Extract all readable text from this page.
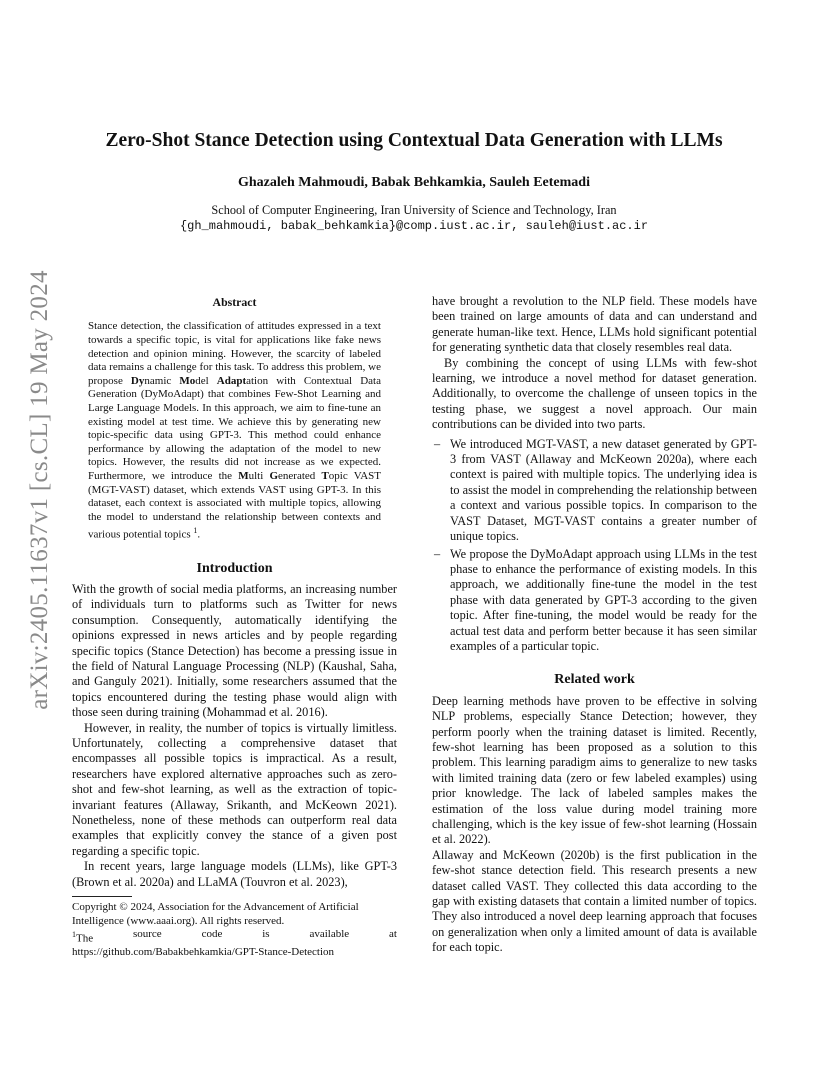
arXiv:2405.11637v1 [cs.CL] 19 May 2024
Zero-Shot Stance Detection using Contextual Data Generation with LLMs
Ghazaleh Mahmoudi, Babak Behkamkia, Sauleh Eetemadi
School of Computer Engineering, Iran University of Science and Technology, Iran
{gh_mahmoudi, babak_behkamkia}@comp.iust.ac.ir, sauleh@iust.ac.ir
Abstract

Stance detection, the classification of attitudes expressed in a text towards a specific topic, is vital for applications like fake news detection and opinion mining. However, the scarcity of labeled data remains a challenge for this task. To address this problem, we propose Dynamic Model Adaptation with Contextual Data Generation (DyMoAdapt) that combines Few-Shot Learning and Large Language Models. In this approach, we aim to fine-tune an existing model at test time. We achieve this by generating new topic-specific data using GPT-3. This method could enhance performance by allowing the adaptation of the model to new topics. However, the results did not increase as we expected. Furthermore, we introduce the Multi Generated Topic VAST (MGT-VAST) dataset, which extends VAST using GPT-3. In this dataset, each context is associated with multiple topics, allowing the model to understand the relationship between contexts and various potential topics $^1$.

Introduction

With the growth of social media platforms, an increasing number of individuals turn to platforms such as Twitter for news consumption. Consequently, automatically identifying the opinions expressed in news articles and by people regarding specific topics (Stance Detection) has become a pressing issue in the field of Natural Language Processing (NLP) (Kaushal, Saha, and Ganguly 2021). Initially, some researchers assumed that the topics encountered during the testing phase would align with those seen during training (Mohammad et al. 2016).

However, in reality, the number of topics is virtually limitless. Unfortunately, collecting a comprehensive dataset that encompasses all possible topics is impractical. As a result, researchers have explored alternative approaches such as zero-shot and few-shot learning, as well as the extraction of topic-invariant features (Allaway, Srikanth, and McKeown 2021). Nonetheless, none of these methods can outperform real data examples that explicitly convey the stance of a given post regarding a specific topic.

In recent years, large language models (LLMs), like GPT-3 (Brown et al. 2020a) and LLaMA (Touvron et al. 2023),

Copyright © 2024, Association for the Advancement of Artificial Intelligence (www.aaai.org). All rights reserved.

$^1$The	source	code	is	available	at
https://github.com/Babakbehkamkia/GPT-Stance-Detection

have brought a revolution to the NLP field. These models have been trained on large amounts of data and can understand and generate human-like text. Hence, LLMs hold significant potential for generating synthetic data that closely resembles real data.

By combining the concept of using LLMs with few-shot learning, we introduce a novel method for dataset generation. Additionally, to overcome the challenge of unseen topics in the testing phase, we suggest a novel approach. Our main contributions can be divided into two parts.

– We introduced MGT-VAST, a new dataset generated by GPT-3 from VAST (Allaway and McKeown 2020a), where each context is paired with multiple topics. The underlying idea is to assist the model in comprehending the relationship between a context and various possible topics. In comparison to the VAST Dataset, MGT-VAST contains a greater number of unique topics.
– We propose the DyMoAdapt approach using LLMs in the test phase to enhance the performance of existing models. In this approach, we additionally fine-tune the model in the test phase with data generated by GPT-3 according to the given topic. After fine-tuning, the model would be ready for the actual test data and perform better because it has seen similar examples of a particular topic.
Related work

Deep learning methods have proven to be effective in solving NLP problems, especially Stance Detection; however, they perform poorly when the training dataset is limited. Recently, few-shot learning has been proposed as a solution to this problem. This learning paradigm aims to generalize to new tasks with limited training data (zero or few labeled examples) using prior knowledge. The lack of labeled samples makes the estimation of the loss value during model training more challenging, which is the key issue of few-shot learning (Hossain et al. 2022).

Allaway and McKeown (2020b) is the first publication in the few-shot stance detection field. This research presents a new dataset called VAST. They collected this data according to the gap with existing datasets that contain a limited number of topics. They also introduced a novel deep learning approach that focuses on generalization when only a limited amount of data is available for each topic.
